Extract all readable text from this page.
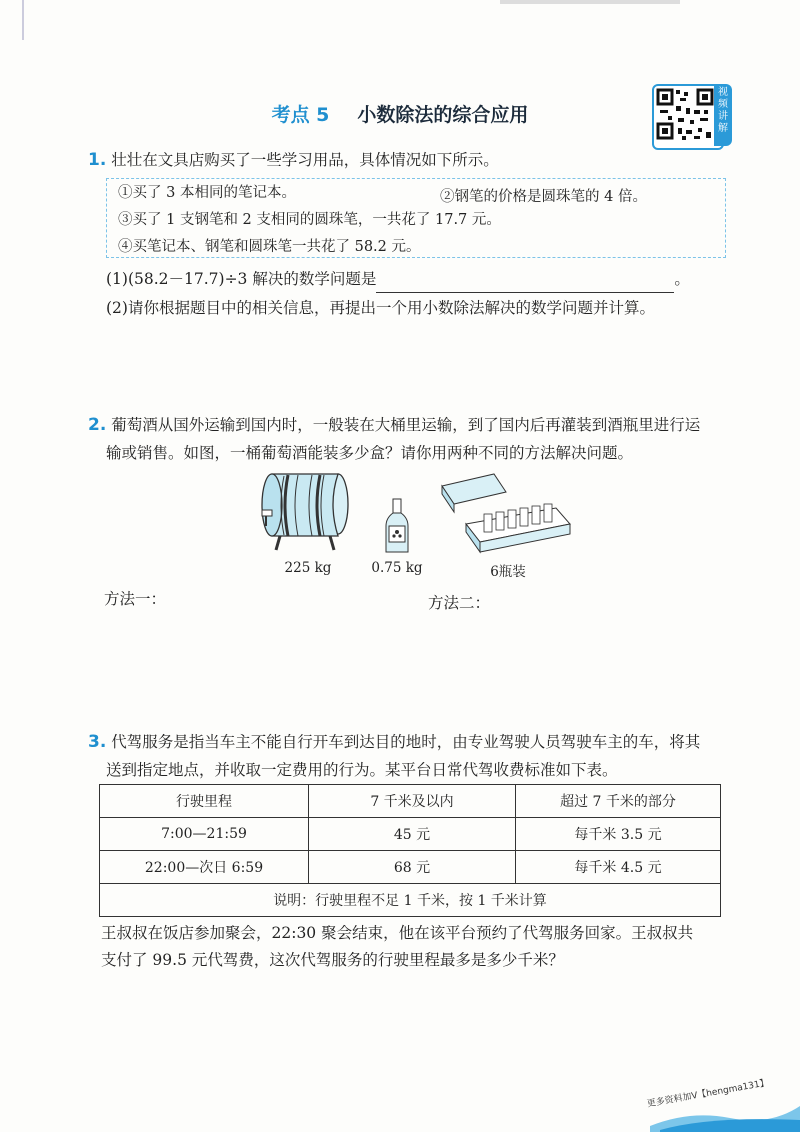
考点 5 小数除法的综合应用
视频讲解
1. 壮壮在文具店购买了一些学习用品，具体情况如下所示。
①买了 3 本相同的笔记本。	②钢笔的价格是圆珠笔的 4 倍。
③买了 1 支钢笔和 2 支相同的圆珠笔，一共花了 17.7 元。
④买笔记本、钢笔和圆珠笔一共花了 58.2 元。
(1)(58.2－17.7)÷3 解决的数学问题是	。
(2)请你根据题目中的相关信息，再提出一个用小数除法解决的数学问题并计算。
2. 葡萄酒从国外运输到国内时，一般装在大桶里运输，到了国内后再灌装到酒瓶里进行运
输或销售。如图，一桶葡萄酒能装多少盒？请你用两种不同的方法解决问题。
225 kg	0.75 kg	6瓶装
方法一：	方法二：
3. 代驾服务是指当车主不能自行开车到达目的地时，由专业驾驶人员驾驶车主的车，将其
送到指定地点，并收取一定费用的行为。某平台日常代驾收费标准如下表。
行驶里程	7 千米及以内	超过 7 千米的部分
7:00—21:59	45 元	每千米 3.5 元
22:00—次日 6:59	68 元	每千米 4.5 元
说明：行驶里程不足 1 千米，按 1 千米计算		
王叔叔在饭店参加聚会，22:30 聚会结束，他在该平台预约了代驾服务回家。王叔叔共
支付了 99.5 元代驾费，这次代驾服务的行驶里程最多是多少千米？
更多资料加V【hengma131】
